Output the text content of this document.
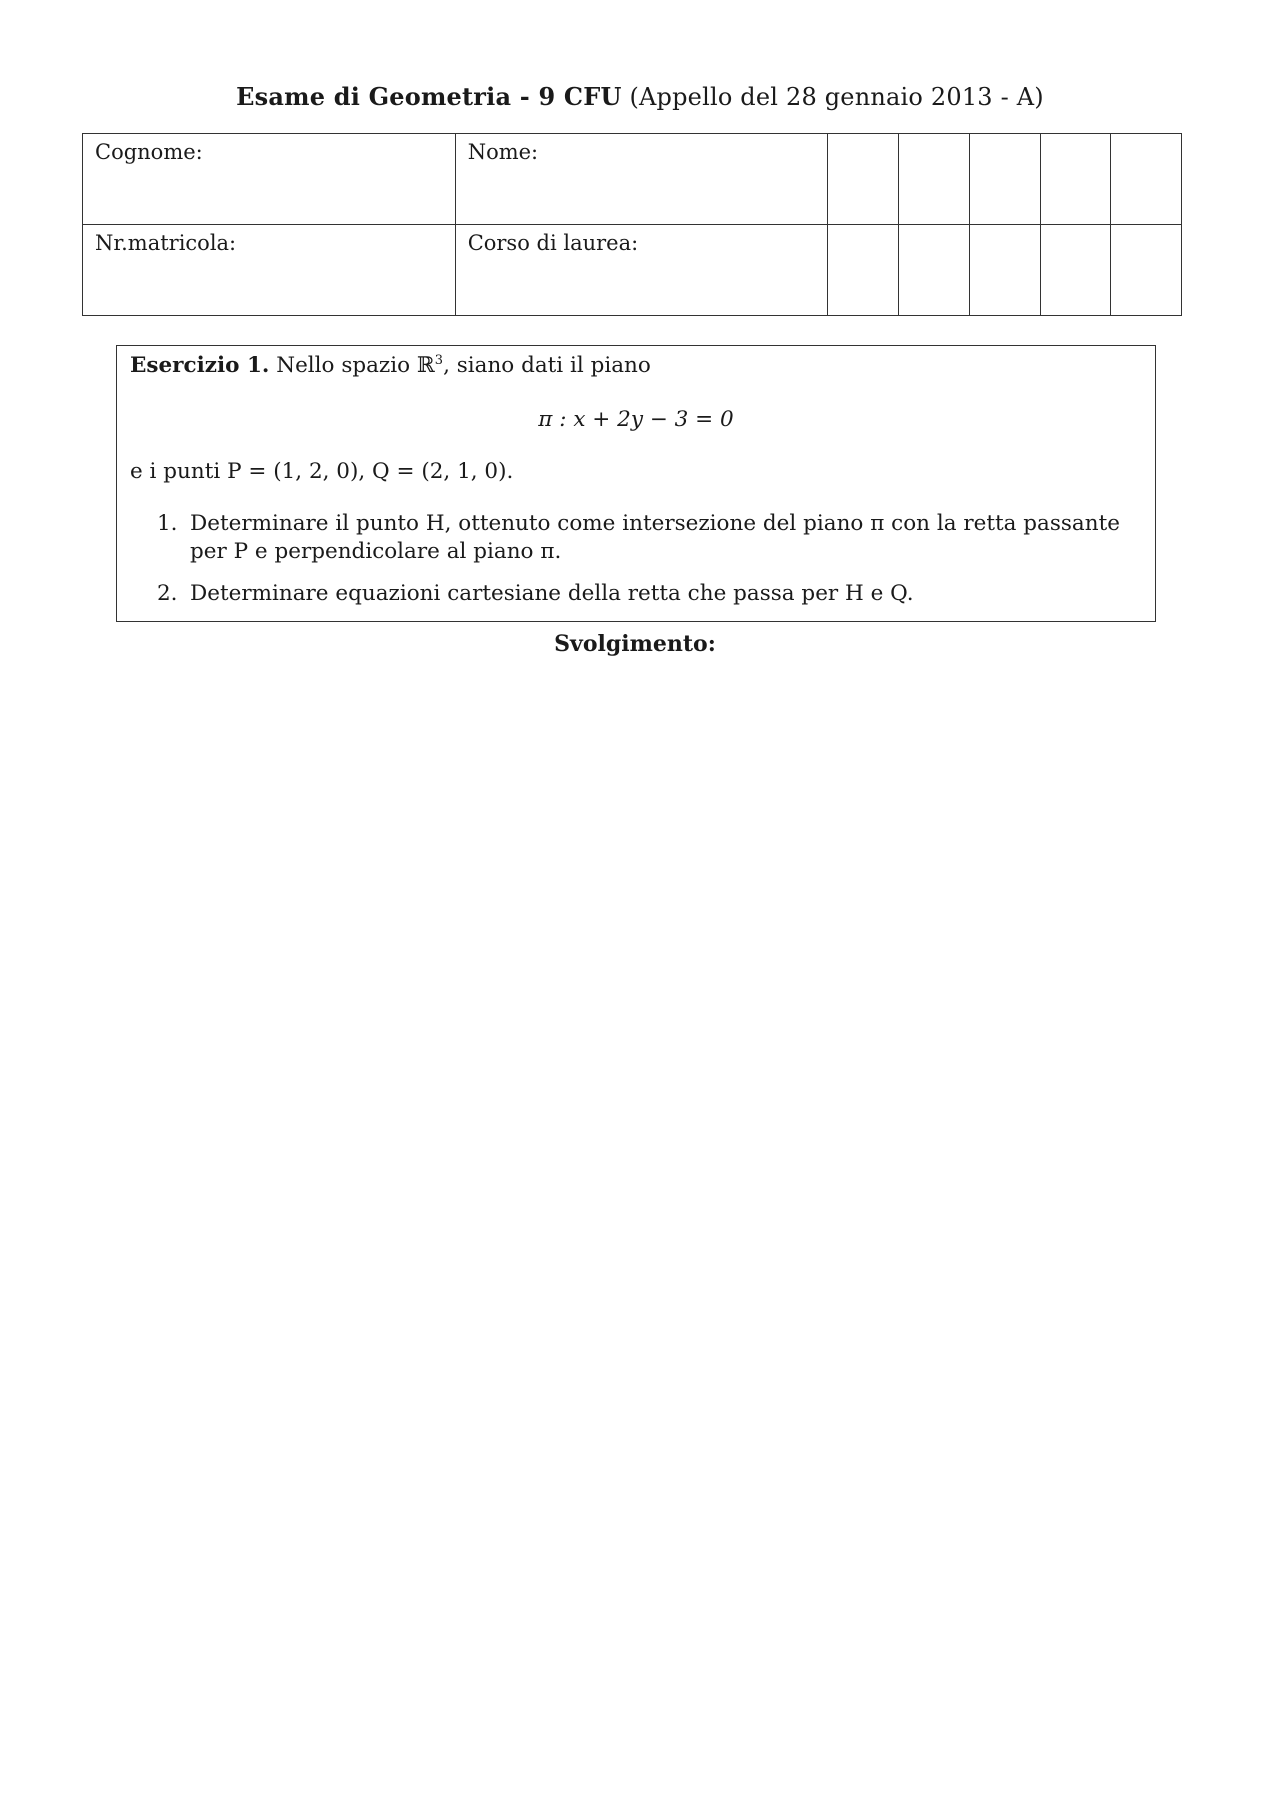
Esame di Geometria - 9 CFU (Appello del 28 gennaio 2013 - A)
Cognome:	Nome:					
Nr.matricola:	Corso di laurea:					
Esercizio 1. Nello spazio ℝ$^3$, siano dati il piano
π : x + 2y − 3 = 0
e i punti P = (1, 2, 0), Q = (2, 1, 0).
1. Determinare il punto H, ottenuto come intersezione del piano π con la retta passante per P e perpendicolare al piano π.
2. Determinare equazioni cartesiane della retta che passa per H e Q.
Svolgimento:
